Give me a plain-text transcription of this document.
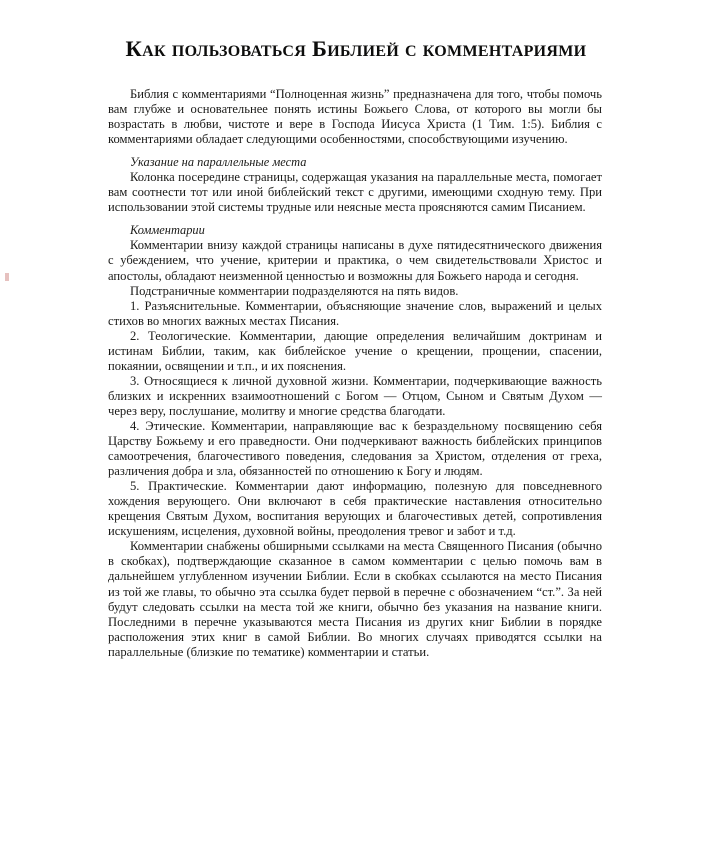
Как пользоваться Библией с комментариями

Библия с комментариями “Полноценная жизнь” предназначена для того, чтобы помочь вам глубже и основательнее понять истины Божьего Слова, от которого вы могли бы возрастать в любви, чистоте и вере в Господа Иисуса Христа (1 Тим. 1:5). Библия с комментариями обладает следующими особенностями, способствующими изучению.

Указание на параллельные места

Колонка посередине страницы, содержащая указания на параллельные места, помогает вам соотнести тот или иной библейский текст с другими, имеющими сходную тему. При использовании этой системы трудные или неясные места проясняются самим Писанием.

Комментарии

Комментарии внизу каждой страницы написаны в духе пятидесятнического движения с убеждением, что учение, критерии и практика, о чем свидетельствовали Христос и апостолы, обладают неизменной ценностью и возможны для Божьего народа и сегодня.

Подстраничные комментарии подразделяются на пять видов.

1. Разъяснительные. Комментарии, объясняющие значение слов, выражений и целых стихов во многих важных местах Писания.

2. Теологические. Комментарии, дающие определения величайшим доктринам и истинам Библии, таким, как библейское учение о крещении, прощении, спасении, покаянии, освящении и т.п., и их пояснения.

3. Относящиеся к личной духовной жизни. Комментарии, подчеркивающие важность близких и искренних взаимоотношений с Богом — Отцом, Сыном и Святым Духом — через веру, послушание, молитву и многие средства благодати.

4. Этические. Комментарии, направляющие вас к безраздельному посвящению себя Царству Божьему и его праведности. Они подчеркивают важность библейских принципов самоотречения, благочестивого поведения, следования за Христом, отделения от греха, различения добра и зла, обязанностей по отношению к Богу и людям.

5. Практические. Комментарии дают информацию, полезную для повседневного хождения верующего. Они включают в себя практические наставления относительно крещения Святым Духом, воспитания верующих и благочестивых детей, сопротивления искушениям, исцеления, духовной войны, преодоления тревог и забот и т.д.

Комментарии снабжены обширными ссылками на места Священного Писания (обычно в скобках), подтверждающие сказанное в самом комментарии с целью помочь вам в дальнейшем углубленном изучении Библии. Если в скобках ссылаются на место Писания из той же главы, то обычно эта ссылка будет первой в перечне с обозначением “ст.”. За ней будут следовать ссылки на места той же книги, обычно без указания на название книги. Последними в перечне указываются места Писания из других книг Библии в порядке расположения этих книг в самой Библии. Во многих случаях приводятся ссылки на параллельные (близкие по тематике) комментарии и статьи.
